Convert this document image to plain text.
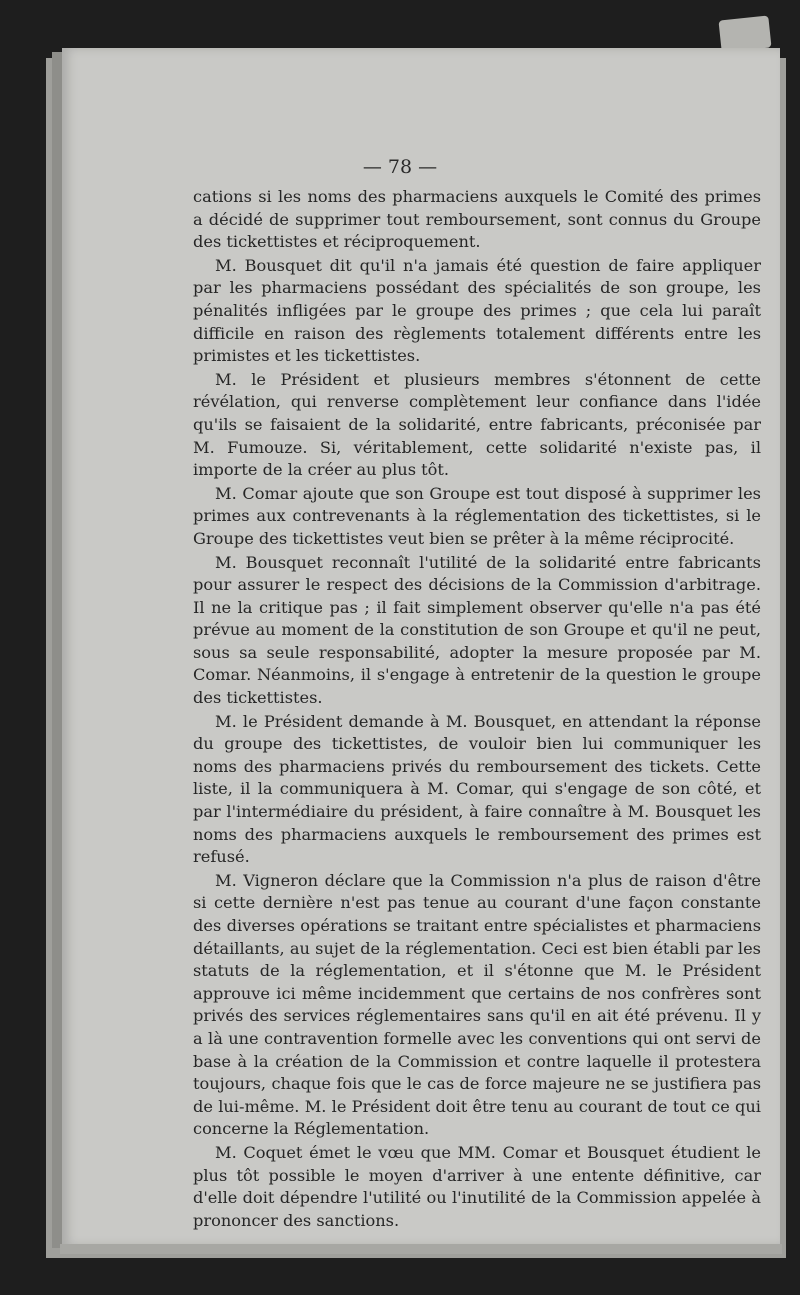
— 78 —

cations si les noms des pharmaciens auxquels le Comité des primes a décidé de supprimer tout remboursement, sont connus du Groupe des tickettistes et réciproquement.

M. Bousquet dit qu'il n'a jamais été question de faire appliquer par les pharmaciens possédant des spécialités de son groupe, les pénalités infligées par le groupe des primes ; que cela lui paraît difficile en raison des règlements totalement différents entre les primistes et les tickettistes.

M. le Président et plusieurs membres s'étonnent de cette révélation, qui renverse complètement leur confiance dans l'idée qu'ils se faisaient de la solidarité, entre fabricants, préconisée par M. Fumouze. Si, véritablement, cette solidarité n'existe pas, il importe de la créer au plus tôt.

M. Comar ajoute que son Groupe est tout disposé à supprimer les primes aux contrevenants à la réglementation des tickettistes, si le Groupe des tickettistes veut bien se prêter à la même réciprocité.

M. Bousquet reconnaît l'utilité de la solidarité entre fabricants pour assurer le respect des décisions de la Commission d'arbitrage. Il ne la critique pas ; il fait simplement observer qu'elle n'a pas été prévue au moment de la constitution de son Groupe et qu'il ne peut, sous sa seule responsabilité, adopter la mesure proposée par M. Comar. Néanmoins, il s'engage à entretenir de la question le groupe des tickettistes.

M. le Président demande à M. Bousquet, en attendant la réponse du groupe des tickettistes, de vouloir bien lui communiquer les noms des pharmaciens privés du remboursement des tickets. Cette liste, il la communiquera à M. Comar, qui s'engage de son côté, et par l'intermédiaire du président, à faire connaître à M. Bousquet les noms des pharmaciens auxquels le remboursement des primes est refusé.

M. Vigneron déclare que la Commission n'a plus de raison d'être si cette dernière n'est pas tenue au courant d'une façon constante des diverses opérations se traitant entre spécialistes et pharmaciens détaillants, au sujet de la réglementation. Ceci est bien établi par les statuts de la réglementation, et il s'étonne que M. le Président approuve ici même incidemment que certains de nos confrères sont privés des services réglementaires sans qu'il en ait été prévenu. Il y a là une contravention formelle avec les conventions qui ont servi de base à la création de la Commission et contre laquelle il protestera toujours, chaque fois que le cas de force majeure ne se justifiera pas de lui-même. M. le Président doit être tenu au courant de tout ce qui concerne la Réglementation.

M. Coquet émet le vœu que MM. Comar et Bousquet étudient le plus tôt possible le moyen d'arriver à une entente définitive, car d'elle doit dépendre l'utilité ou l'inutilité de la Commission appelée à prononcer des sanctions.
